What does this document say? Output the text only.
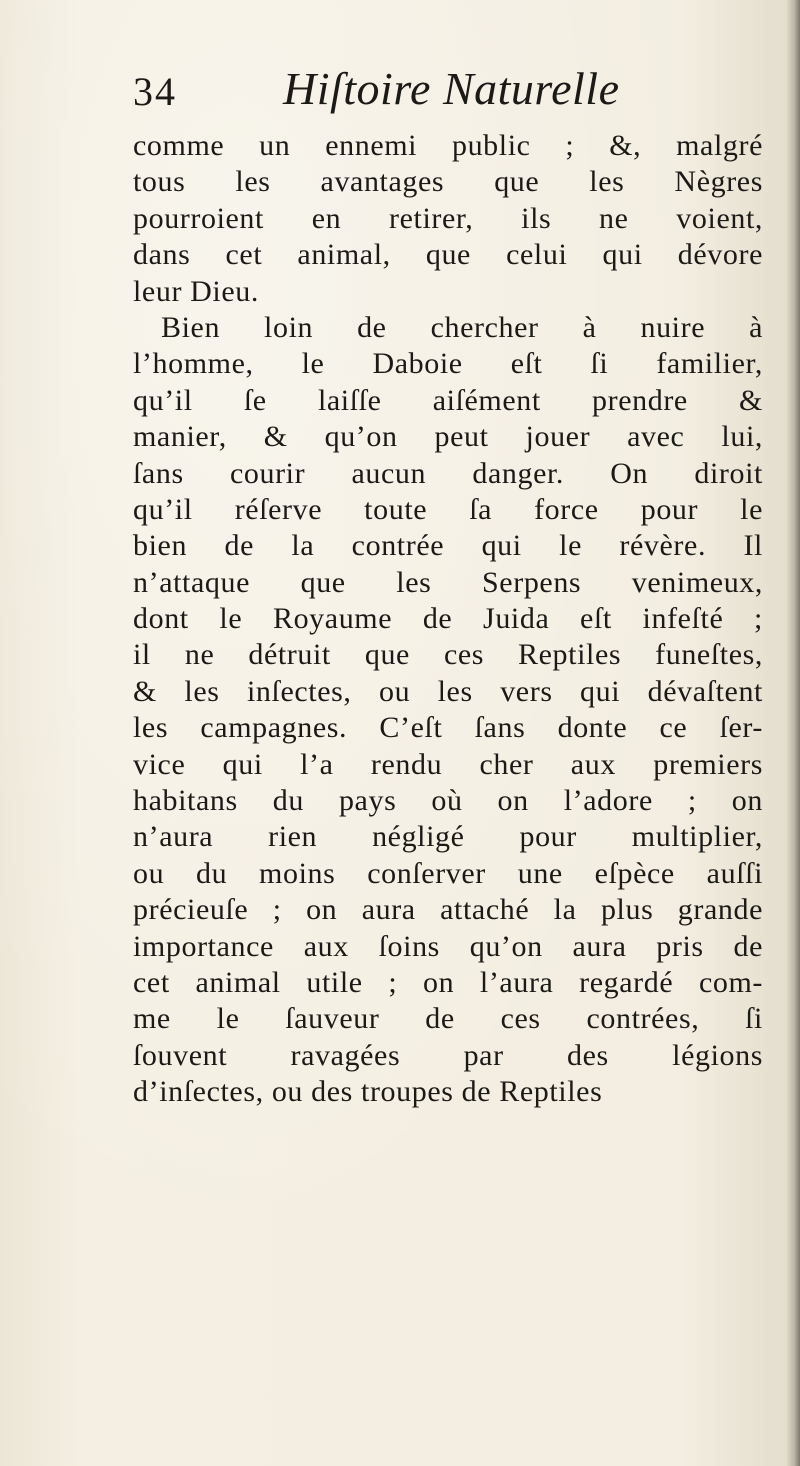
34 Hiſtoire Naturelle
comme un ennemi public ; &, malgré
tous les avantages que les Nègres
pourroient en retirer, ils ne voient,
dans cet animal, que celui qui dévore
leur Dieu.
Bien loin de chercher à nuire à
l’homme, le Daboie eſt ſi familier,
qu’il ſe laiſſe aiſément prendre &
manier, & qu’on peut jouer avec lui,
ſans courir aucun danger. On diroit
qu’il réſerve toute ſa force pour le
bien de la contrée qui le révère. Il
n’attaque que les Serpens venimeux,
dont le Royaume de Juida eſt infeſté ;
il ne détruit que ces Reptiles funeſtes,
& les inſectes, ou les vers qui dévaſtent
les campagnes. C’eſt ſans donte ce ſer-
vice qui l’a rendu cher aux premiers
habitans du pays où on l’adore ; on
n’aura rien négligé pour multiplier,
ou du moins conſerver une eſpèce auſſi
précieuſe ; on aura attaché la plus grande
importance aux ſoins qu’on aura pris de
cet animal utile ; on l’aura regardé com-
me le ſauveur de ces contrées, ſi
ſouvent ravagées par des légions
d’inſectes, ou des troupes de Reptiles
